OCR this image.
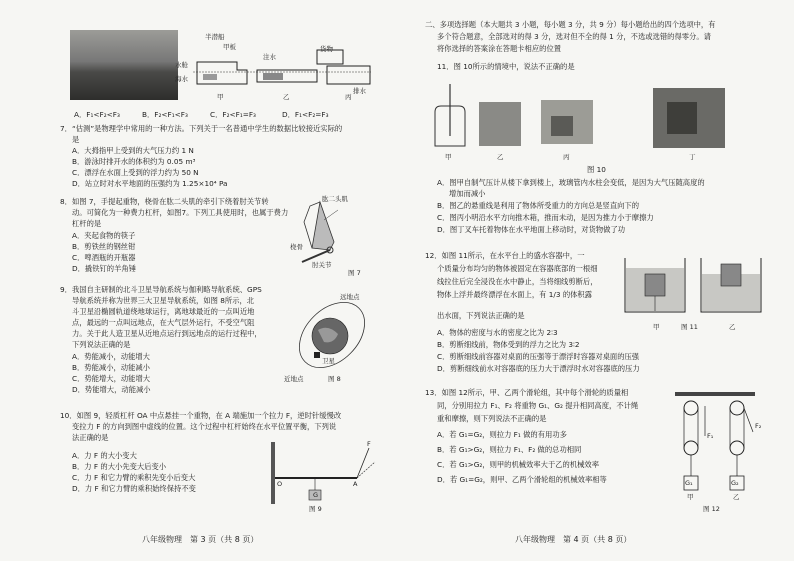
半潜船
甲板
注水
货物
水舱
海水
排水
甲	乙	丙
A．F₁<F₂<F₃	B．F₂<F₁<F₃	C．F₂<F₁=F₃	D．F₁<F₂=F₃
7．“估测”是物理学中常用的一种方法。下列关于一名普通中学生的数据比较接近实际的
是
A．大拇指甲上受到的大气压力约 1 N
B．游泳时排开水的体积约为 0.05 m³
C．漂浮在水面上受到的浮力约为 50 N
D．站立时对水平地面的压强约为 1.25×10⁴ Pa
8．如图 7，手提起重物，桡骨在肱二头肌的牵引下绕着肘关节转
动。可简化为一种费力杠杆，如图7。下列工具使用时，也属于费力
杠杆的是
A．夹起食物的筷子
B．剪铁丝的钢丝钳
C．啤酒瓶的开瓶器
D．撬铁钉的羊角锤
肱二头肌
桡骨
肘关节
图 7
9．我国自主研制的北斗卫星导航系统与伽利略导航系统、GPS
导航系统并称为世界三大卫星导航系统，如图 8所示，北
斗卫星沿椭圆轨道绕地球运行，离地球最近的一点叫近地
点，最远的一点叫远地点，在大气层外运行，不受空气阻
力。关于此人造卫星从近地点运行到远地点的运行过程中，
下列说法正确的是
A．势能减小，动能增大
B．势能减小，动能减小
C．势能增大，动能增大
D．势能增大，动能减小
远地点
卫星
近地点	图 8
10．如图 9，轻质杠杆 OA 中点悬挂一个重物，在 A 端施加一个拉力 F，逆时针缓慢改
变拉力 F 的方向到图中虚线的位置。这个过程中杠杆始终在水平位置平衡，下列说
法正确的是
A．力 F 的大小变大
B．力 F 的大小先变大后变小
C．力 F 和它力臂的乘积先变小后变大
D．力 F 和它力臂的乘积始终保持不变
F
O	A
G
图 9
八年级物理　第 3 页（共 8 页）
二、多项选择题（本大题共 3 小题，每小题 3 分，共 9 分）每小题给出的四个选项中，有
多个符合题意，全部选对的得 3 分，选对但不全的得 1 分，不选或选错的得零分。请
将你选择的答案涂在答题卡相应的位置
11．图 10所示的情境中，说法不正确的是
甲	乙	丙	丁
图 10
A．图甲自制气压计从楼下拿到楼上，玻璃管内水柱会变低，是因为大气压随高度的
增加而减小
B．图乙的悬重线是利用了物体所受重力的方向总是竖直向下的
C．图丙小明沿水平方向推木箱，推而未动，是因为推力小于摩擦力
D．图丁叉车托着物体在水平地面上移动时，对货物做了功
12．如图 11所示，在水平台上的盛水容器中，一
个质量分布均匀的物体被固定在容器底部的一根细
线拉住后完全浸没在水中静止，当将细线剪断后，
物体上浮并最终漂浮在水面上，有 1/3 的体积露
出水面，下列说法正确的是
A．物体的密度与水的密度之比为 2∶3
B．剪断细线前，物体受到的浮力之比为 3∶2
C．剪断细线前容器对桌面的压强等于漂浮时容器对桌面的压强
D．剪断细线前水对容器底的压力大于漂浮时水对容器底的压力
甲	图 11	乙
13．如图 12所示，甲、乙两个滑轮组，其中每个滑轮的质量相
同，分别用拉力 F₁、F₂ 将重物 G₁、G₂ 提升相同高度，不计绳
重和摩擦，则下列说法不正确的是
A．若 G₁=G₂，则拉力 F₁ 做的有用功多
B．若 G₁>G₂，则拉力 F₁、F₂ 做的总功相同
C．若 G₁>G₂，则甲的机械效率大于乙的机械效率
D．若 G₁=G₂，则甲、乙两个滑轮组的机械效率相等
F₁
F₂
G₁	G₂
甲	乙
图 12
八年级物理　第 4 页（共 8 页）
